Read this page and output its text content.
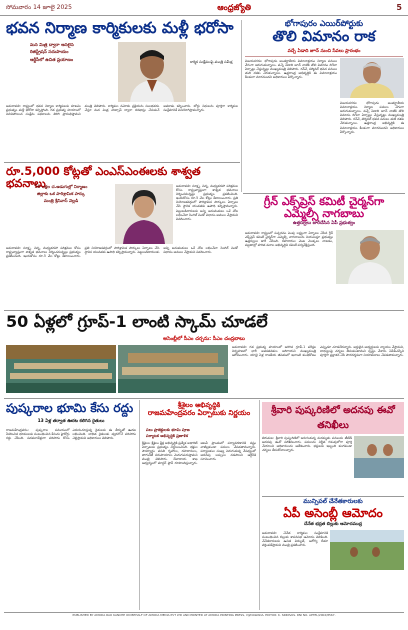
సోమవారం 14 జూలై 2025	ఆంధ్రజ్యోతి	5
భవన నిర్మాణ కార్మికులకు మళ్లీ భరోసా

మన మిత్ర ద్వారా ఆన్‌లైన్

రిజిస్ట్రేషన్ సదుపాయం

ఆర్టీసీలో ఉచిత ప్రయాణం	కార్మిక సంక్షేమంపై మంత్రి సమీక్ష
అమరావతి: రాష్ట్రంలో భవన నిర్మాణ కార్మికులకు కూటమి ప్రభుత్వం మళ్లీ భరోసా కల్పిస్తోంది. గత ప్రభుత్వ హయాంలో నిలిచిపోయిన సంక్షేమ పథకాలను తిరిగి ప్రారంభిస్తామని మంత్రి తెలిపారు. కార్మికుల నమోదు ప్రక్రియను సులభతరం చేస్తూ మన మిత్ర వాట్సాప్ ద్వారా దరఖాస్తు చేసుకునే అవకాశం కల్పించారు. బోర్డు నిధులను పూర్తిగా కార్మికుల సంక్షేమానికే వినియోగిస్తామన్నారు.
భోగాపురం ఎయిర్‌పోర్టుకు
తొలి విమానం రాక
వచ్చే ఏడాది జూన్ నుంచి సేవలు ప్రారంభం
విజయనగరం: భోగాపురం అంతర్జాతీయ విమానాశ్రయం నిర్మాణ పనులు వేగంగా జరుగుతున్నాయి. వచ్చే ఏడాది జూన్ నాటికి తొలి విమానం దిగేలా ఏర్పాట్లు చేస్తున్నట్లు ముఖ్యమంత్రి తెలిపారు. రన్‌వే, టెర్మినల్ భవన పనులు తుది దశకు చేరుకున్నాయి. ఉత్తరాంధ్ర అభివృద్ధికి ఈ విమానాశ్రయం కీలకంగా మారనుందని అధికారులు పేర్కొన్నారు.
విజయనగరం: భోగాపురం అంతర్జాతీయ విమానాశ్రయం నిర్మాణ పనులు వేగంగా జరుగుతున్నాయి. వచ్చే ఏడాది జూన్ నాటికి తొలి విమానం దిగేలా ఏర్పాట్లు చేస్తున్నట్లు ముఖ్యమంత్రి తెలిపారు. రన్‌వే, టెర్మినల్ భవన పనులు తుది దశకు చేరుకున్నాయి. ఉత్తరాంధ్ర అభివృద్ధికి ఈ విమానాశ్రయం కీలకంగా మారనుందని అధికారులు పేర్కొన్నారు.
రూ.5,000 కోట్లతో ఎంఎస్ఎంఈలకు శాశ్వత భవనాలు

50 లక్షల చ.అడుగుల్లో నిర్మాణం

జిల్లాకు ఒక పారిశ్రామిక పార్కు

మంత్రి శ్రీనివాస్ వెల్లడి

అమరావతి: సూక్ష్మ, చిన్న, మధ్యతరహా పరిశ్రమల కోసం రాష్ట్రవ్యాప్తంగా శాశ్వత భవనాలు నిర్మించనున్నట్లు ప్రభుత్వం ప్రకటించింది. ఇందుకోసం రూ.5 వేల కోట్లు కేటాయించారు. ప్రతి నియోజకవర్గంలో పారిశ్రామిక పార్కులు ఏర్పాటు చేసి స్థానిక యువతకు ఉపాధి కల్పిస్తామన్నారు. పెట్టుబడిదారులకు అన్ని అనుమతులు ఒకే చోట లభించేలా సింగిల్ విండో విధానం అమలు చేస్తామని వివరించారు.
అమరావతి: సూక్ష్మ, చిన్న, మధ్యతరహా పరిశ్రమల కోసం రాష్ట్రవ్యాప్తంగా శాశ్వత భవనాలు నిర్మించనున్నట్లు ప్రభుత్వం ప్రకటించింది. ఇందుకోసం రూ.5 వేల కోట్లు కేటాయించారు. ప్రతి నియోజకవర్గంలో పారిశ్రామిక పార్కులు ఏర్పాటు చేసి స్థానిక యువతకు ఉపాధి కల్పిస్తామన్నారు. పెట్టుబడిదారులకు అన్ని అనుమతులు ఒకే చోట లభించేలా సింగిల్ విండో విధానం అమలు చేస్తామని వివరించారు.
గ్రీన్ ఎక్స్‌ప్రెస్ కమిటీ చైర్మన్‌గా ఎమ్మెల్సీ నాగబాబు
ఉత్తర్వులు జారీచేసిన ఏపీ ప్రభుత్వం
అమరావతి: రాష్ట్రంలో పచ్చదనం పెంపు లక్ష్యంగా ఏర్పాటు చేసిన గ్రీన్ ఎక్స్‌ప్రెస్ కమిటీ చైర్మన్‌గా ఎమ్మెల్సీ నాగబాబును నియమిస్తూ ప్రభుత్వం ఉత్తర్వులు జారీ చేసింది. రహదారుల వెంట మొక్కలు నాటడం, పట్టణాల్లో హరిత వనాల అభివృద్ధిని కమిటీ పర్యవేక్షిస్తుంది.
50 ఏళ్లలో గ్రూప్-1 లాంటి స్కామ్ చూడలే
అసెంబ్లీలో సీఎం చర్చను: సీఎం చంద్రబాబు
అమరావతి: గత ప్రభుత్వ హయాంలో జరిగిన గ్రూప్-1 పరీక్షల నిర్వహణలో భారీ అవకతవకలు జరిగాయని ముఖ్యమంత్రి ఆరోపించారు. యాభై ఏళ్ల రాజకీయ జీవితంలో ఇలాంటి కుంభకోణం ఎప్పుడూ చూడలేదన్నారు. అర్హులైన అభ్యర్థులకు న్యాయం చేస్తామని, బాధ్యులపై చర్యలు తీసుకుంటామని స్పష్టం చేశారు. ఏపీపీఎస్సీని పూర్తిగా ప్రక్షాళన చేసి పారదర్శకంగా నియామకాలు చేపడతామన్నారు.
పుష్కరాల భూమి కేసు రద్దు
13 ఏళ్ల తర్వాత ఊరట కలిగిన రైతులు
రాజమహేంద్రవరం: పుష్కరాల సమయంలో సేకరించిన భూములకు సంబంధించిన కేసును హైకోర్టు రద్దు చేసింది. పదమూడేళ్లుగా పరిహారం కోసం ఎదురుచూస్తున్న రైతులకు ఈ తీర్పుతో ఊరట లభించింది. బాధిత రైతులకు త్వరలోనే పరిహారం చెల్లిస్తామని అధికారులు తెలిపారు.
శ్రీశైలం అభివృద్ధికి
రాజమహేంద్రవరం ఏర్పాటుకు నిర్ణయం

పలు ప్రాజెక్టులకు భూమి పూజ

పర్యాటక అభివృద్ధికి ప్రణాళిక

శ్రీశైలం: శ్రీశైలం క్షేత్ర అభివృద్ధికి ప్రత్యేక అథారిటీ ఏర్పాటుకు ప్రభుత్వం నిర్ణయించింది. భక్తుల సౌకర్యార్థం వసతి గృహాలు, రహదారులు, తాగునీటి సదుపాయాలు మెరుగుపరుస్తామని మంత్రి తెలిపారు. దేవాదాయ శాఖ ఆధ్వర్యంలో మాస్టర్ ప్లాన్ రూపొందిస్తున్నారు. అటవీ ప్రాంతంలో పర్యావరణానికి నష్టం వాటిల్లకుండా పనులు చేపడతామన్నారు. పర్యాటకుల సంఖ్య పెరుగుతున్న నేపథ్యంలో అదనపు బస్సులు నడపాలని ఆర్టీసీకి సూచించారు.
శ్రీవారి పుష్కరిణిలో అదనపు ఈవో తనిఖీలు
తిరుమల: శ్రీవారి పుష్కరిణిలో జరుగుతున్న మరమ్మతు పనులను టీటీడీ అదనపు ఈవో పరిశీలించారు. పనులను నిర్ణీత గడువులోగా పూర్తి చేయాలని అధికారులను ఆదేశించారు. భక్తులకు ఇబ్బంది కలగకుండా చర్యలు తీసుకోవాలన్నారు.
మున్సిపల్ చేనేతకారులకు
ఏపీ అసెంబ్లీ ఆమోదం
చేనేత భద్రత బిల్లుకు ఆమోదముద్ర
అమరావతి: చేనేత కార్మికుల సంక్షేమానికి సంబంధించిన బిల్లుకు శాసనసభ ఆమోదం తెలిపింది. చేనేతకారులకు ఉచిత విద్యుత్, ఆరోగ్య బీమా వర్తింపజేస్తామని మంత్రి ప్రకటించారు.
PUBLISHED BY AMODA RAO KANCHE ON BEHALF OF AMODA MEDIA PVT LTD AND PRINTED AT AMODA PRINTING PRESS, VIJAYAWADA. EDITOR: K. SRINIVAS. RNI NO. APTEL/2002/8567.
